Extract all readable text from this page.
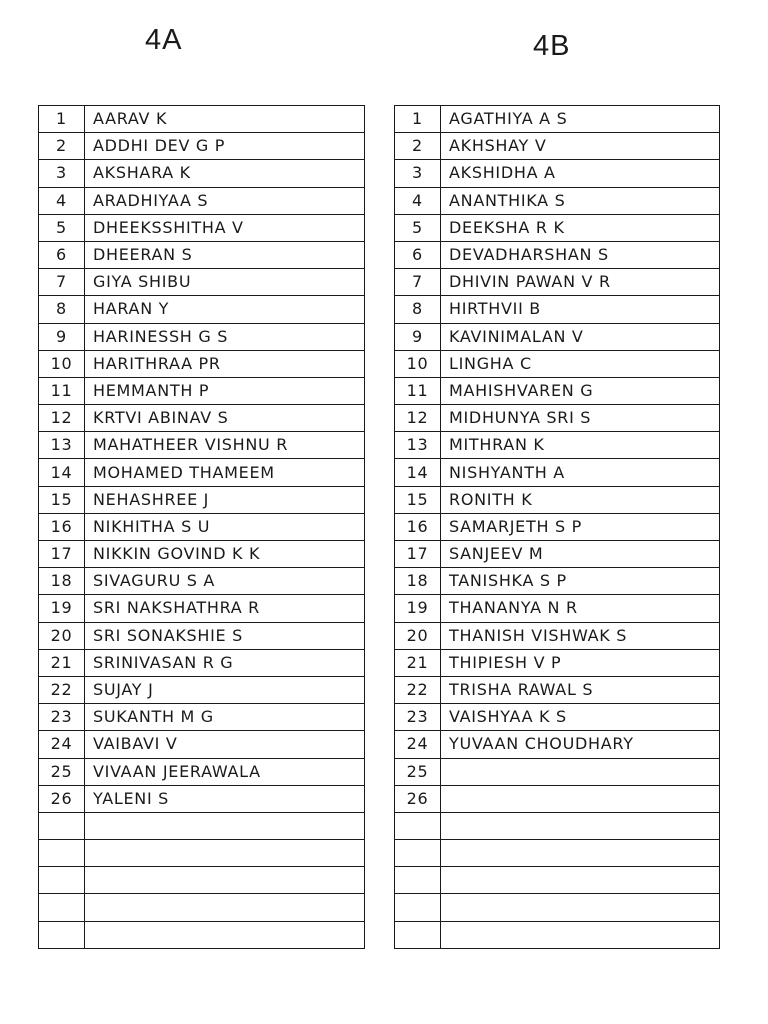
4A	4B
1	AARAV K
2	ADDHI DEV G P
3	AKSHARA K
4	ARADHIYAA S
5	DHEEKSSHITHA V
6	DHEERAN S
7	GIYA SHIBU
8	HARAN Y
9	HARINESSH G S
10	HARITHRAA PR
11	HEMMANTH P
12	KRTVI ABINAV S
13	MAHATHEER VISHNU R
14	MOHAMED THAMEEM
15	NEHASHREE J
16	NIKHITHA S U
17	NIKKIN GOVIND K K
18	SIVAGURU S A
19	SRI NAKSHATHRA R
20	SRI SONAKSHIE S
21	SRINIVASAN R G
22	SUJAY J
23	SUKANTH M G
24	VAIBAVI V
25	VIVAAN JEERAWALA
26	YALENI S

1	AGATHIYA A S
2	AKHSHAY V
3	AKSHIDHA A
4	ANANTHIKA S
5	DEEKSHA R K
6	DEVADHARSHAN S
7	DHIVIN PAWAN V R
8	HIRTHVII B
9	KAVINIMALAN V
10	LINGHA C
11	MAHISHVAREN G
12	MIDHUNYA SRI S
13	MITHRAN K
14	NISHYANTH A
15	RONITH K
16	SAMARJETH S P
17	SANJEEV M
18	TANISHKA S P
19	THANANYA N R
20	THANISH VISHWAK S
21	THIPIESH V P
22	TRISHA RAWAL S
23	VAISHYAA K S
24	YUVAAN CHOUDHARY
25	
26	
